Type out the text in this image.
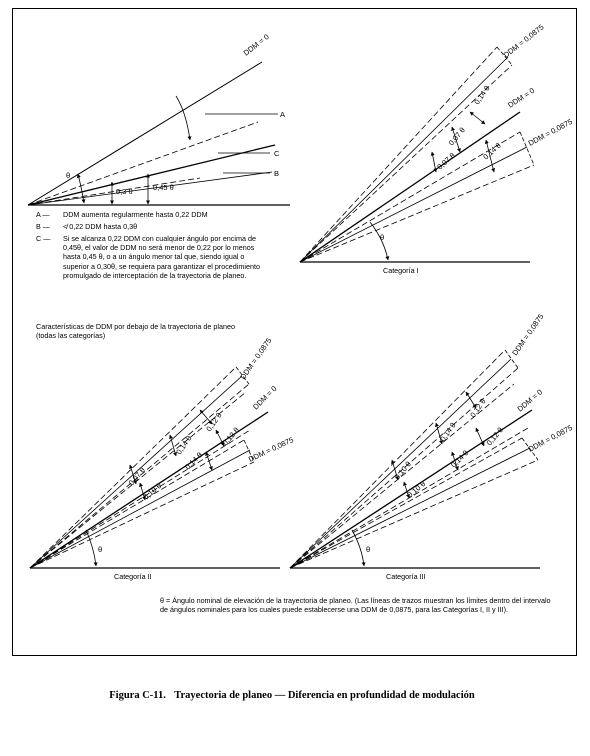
DDM = 0
A
C
B
θ
0,3 θ	0,45 θ
DDM = 0,0875
DDM = 0
DDM = 0,0875
0,14 θ
0,07 θ
0,07 θ	0,14 θ
θ
DDM = 0,0875
DDM = 0
DDM = 0,0875
0,12 θ
0,14 θ
0,07 θ
0,10 θ
0,14 θ
0,12 θ
θ
DDM = 0,0875
DDM = 0
DDM = 0,0875
0,12 θ
0,14 θ
0,10 θ
0,10 θ
0,14 θ
0,12 θ
θ
A —	DDM aumenta regularmente hasta 0,22 DDM
B —	≮ 0,22 DDM hasta 0,3θ
C —	Si se alcanza 0,22 DDM con cualquier ángulo por encima de 0,45θ, el valor de DDM no será menor de 0,22 por lo menos hasta 0,45 θ, o a un ángulo menor tal que, siendo igual o superior a 0,30θ, se requiera para garantizar el procedimiento promulgado de interceptación de la trayectoria de planeo.
Características de DDM por debajo de la trayectoria de planeo (todas las categorías)
Categoría I
Categoría II	Categoría III
θ = Ángulo nominal de elevación de la trayectoria de planeo. (Las líneas de trazos muestran los límites dentro del intervalo de ángulos nominales para los cuales puede establecerse una DDM de 0,0875, para las Categorías I, II y III).
Figura C-11. Trayectoria de planeo — Diferencia en profundidad de modulación
